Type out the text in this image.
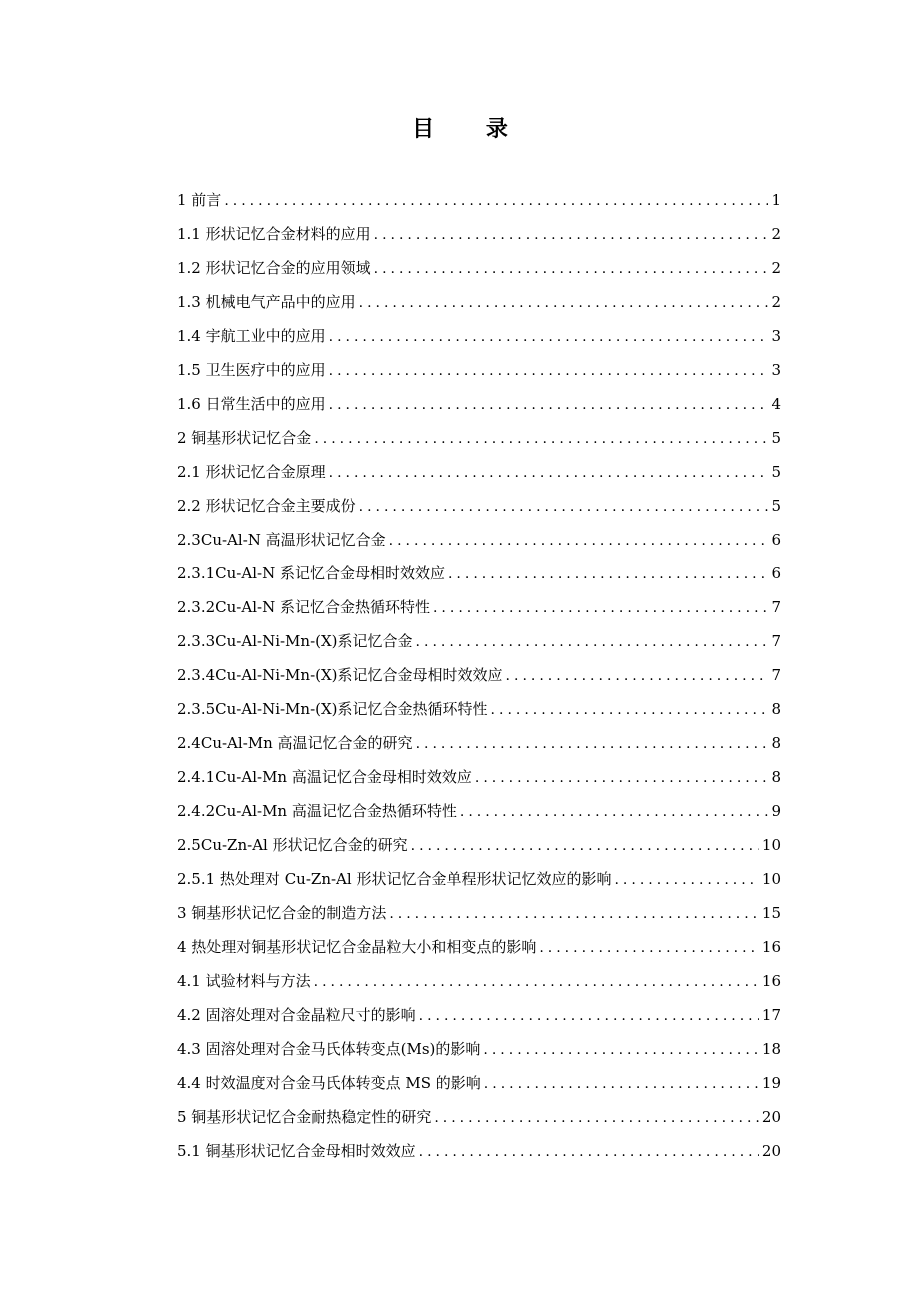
目 录
1 前言 .....	1
1.1 形状记忆合金材料的应用 .....	2
1.2 形状记忆合金的应用领域 .....	2
1.3 机械电气产品中的应用 .....	2
1.4 宇航工业中的应用 .....	3
1.5 卫生医疗中的应用 .....	3
1.6 日常生活中的应用 .....	4
2 铜基形状记忆合金 .....	5
2.1 形状记忆合金原理 .....	5
2.2 形状记忆合金主要成份 .....	5
2.3Cu-Al-N 高温形状记忆合金 .....	6
2.3.1Cu-Al-N 系记忆合金母相时效效应 .....	6
2.3.2Cu-Al-N 系记忆合金热循环特性 .....	7
2.3.3Cu-Al-Ni-Mn-(X)系记忆合金 .....	7
2.3.4Cu-Al-Ni-Mn-(X)系记忆合金母相时效效应 .....	7
2.3.5Cu-Al-Ni-Mn-(X)系记忆合金热循环特性 .....	8
2.4Cu-Al-Mn 高温记忆合金的研究 .....	8
2.4.1Cu-Al-Mn 高温记忆合金母相时效效应 .....	8
2.4.2Cu-Al-Mn 高温记忆合金热循环特性 .....	9
2.5Cu-Zn-Al 形状记忆合金的研究 .....	10
2.5.1 热处理对 Cu-Zn-Al 形状记忆合金单程形状记忆效应的影响 .....	10
3 铜基形状记忆合金的制造方法 .....	15
4 热处理对铜基形状记忆合金晶粒大小和相变点的影响 .....	16
4.1 试验材料与方法 .....	16
4.2 固溶处理对合金晶粒尺寸的影响 .....	17
4.3 固溶处理对合金马氏体转变点(Ms)的影响 .....	18
4.4 时效温度对合金马氏体转变点 MS 的影响 .....	19
5 铜基形状记忆合金耐热稳定性的研究 .....	20
5.1 铜基形状记忆合金母相时效效应 .....	20
